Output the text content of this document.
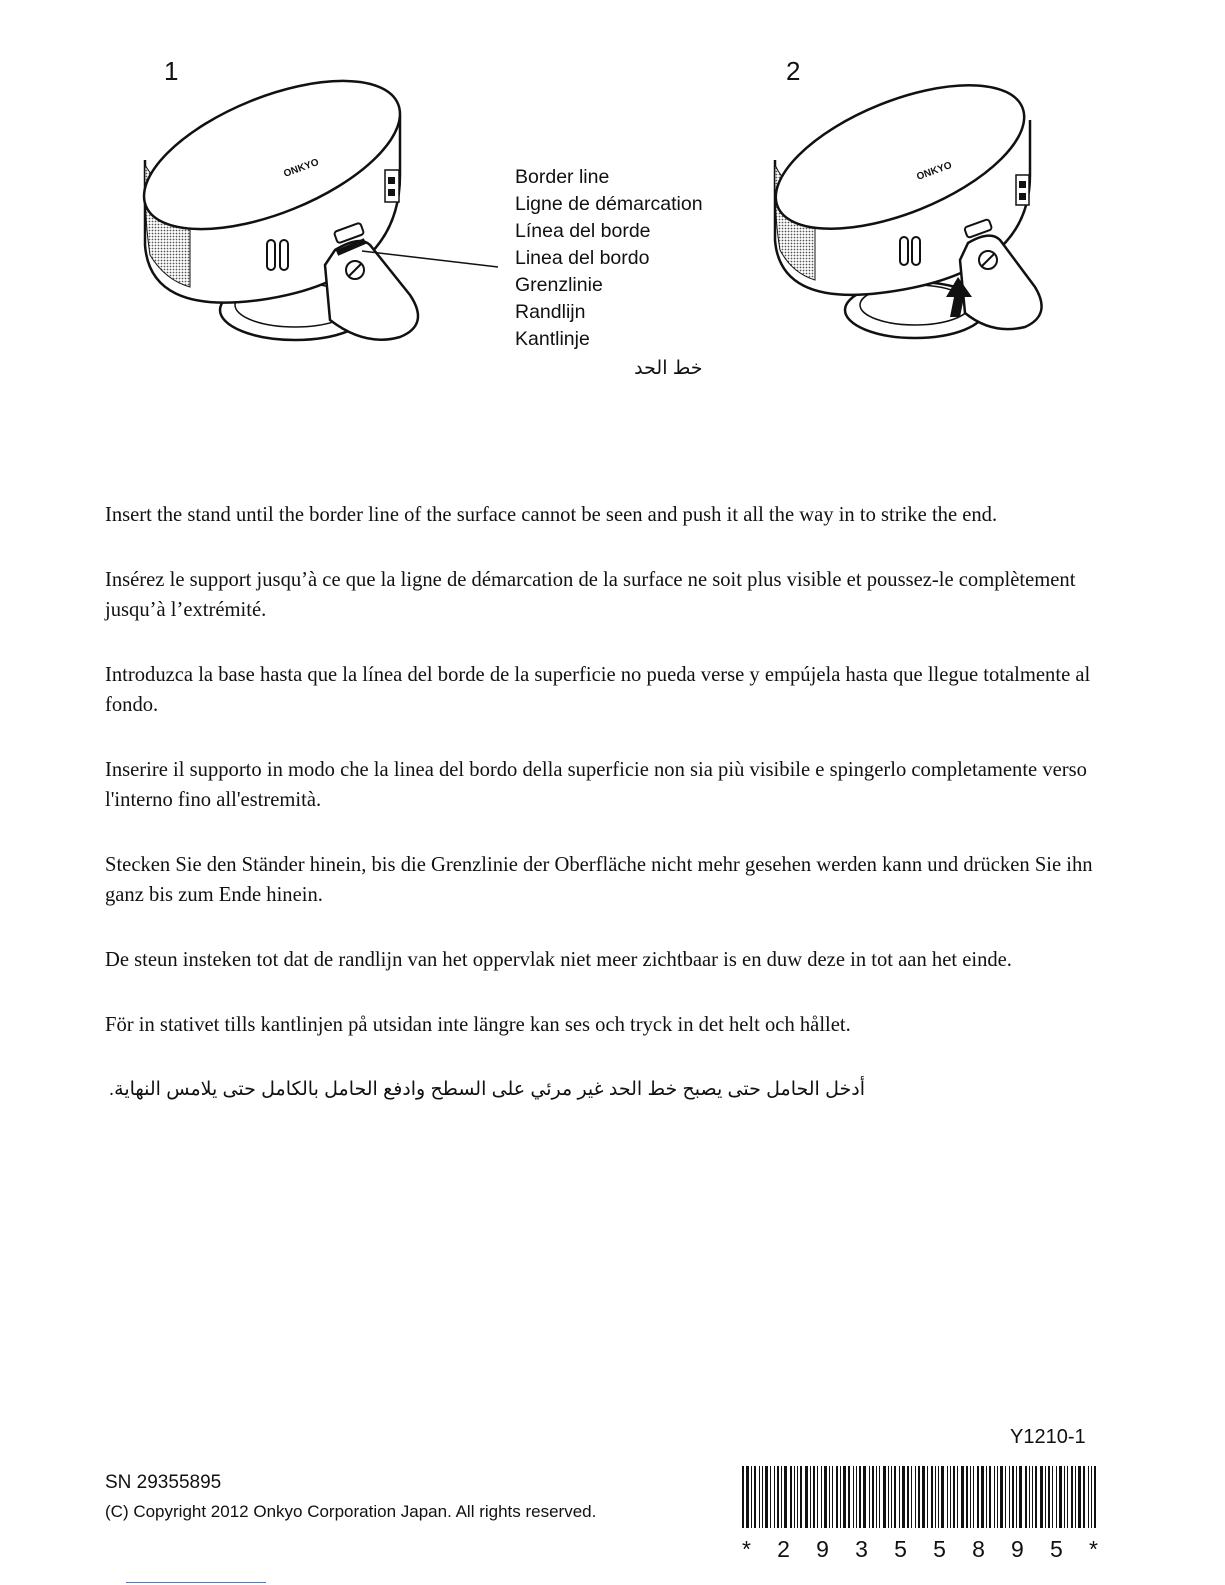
1
ONKYO
2
ONKYO
Border line
Ligne de démarcation
Línea del borde
Linea del bordo
Grenzlinie
Randlijn
Kantlinje
خط الحد

Insert the stand until the border line of the surface cannot be seen and push it all the way in to strike the end.

Insérez le support jusqu’à ce que la ligne de démarcation de la surface ne soit plus visible et poussez-le complètement jusqu’à l’extrémité.

Introduzca la base hasta que la línea del borde de la superficie no pueda verse y empújela hasta que llegue totalmente al fondo.

Inserire il supporto in modo che la linea del bordo della superficie non sia più visibile e spingerlo completamente verso l'interno fino all'estremità.

Stecken Sie den Ständer hinein, bis die Grenzlinie der Oberfläche nicht mehr gesehen werden kann und drücken Sie ihn ganz bis zum Ende hinein.

De steun insteken tot dat de randlijn van het oppervlak niet meer zichtbaar is en duw deze in tot aan het einde.

För in stativet tills kantlinjen på utsidan inte längre kan ses och tryck in det helt och hållet.

أدخل الحامل حتى يصبح خط الحد غير مرئي على السطح وادفع الحامل بالكامل حتى يلامس النهاية.

Y1210-1
SN 29355895
(C) Copyright 2012 Onkyo Corporation Japan. All rights reserved.
* 2 9 3 5 5 8 9 5 *
